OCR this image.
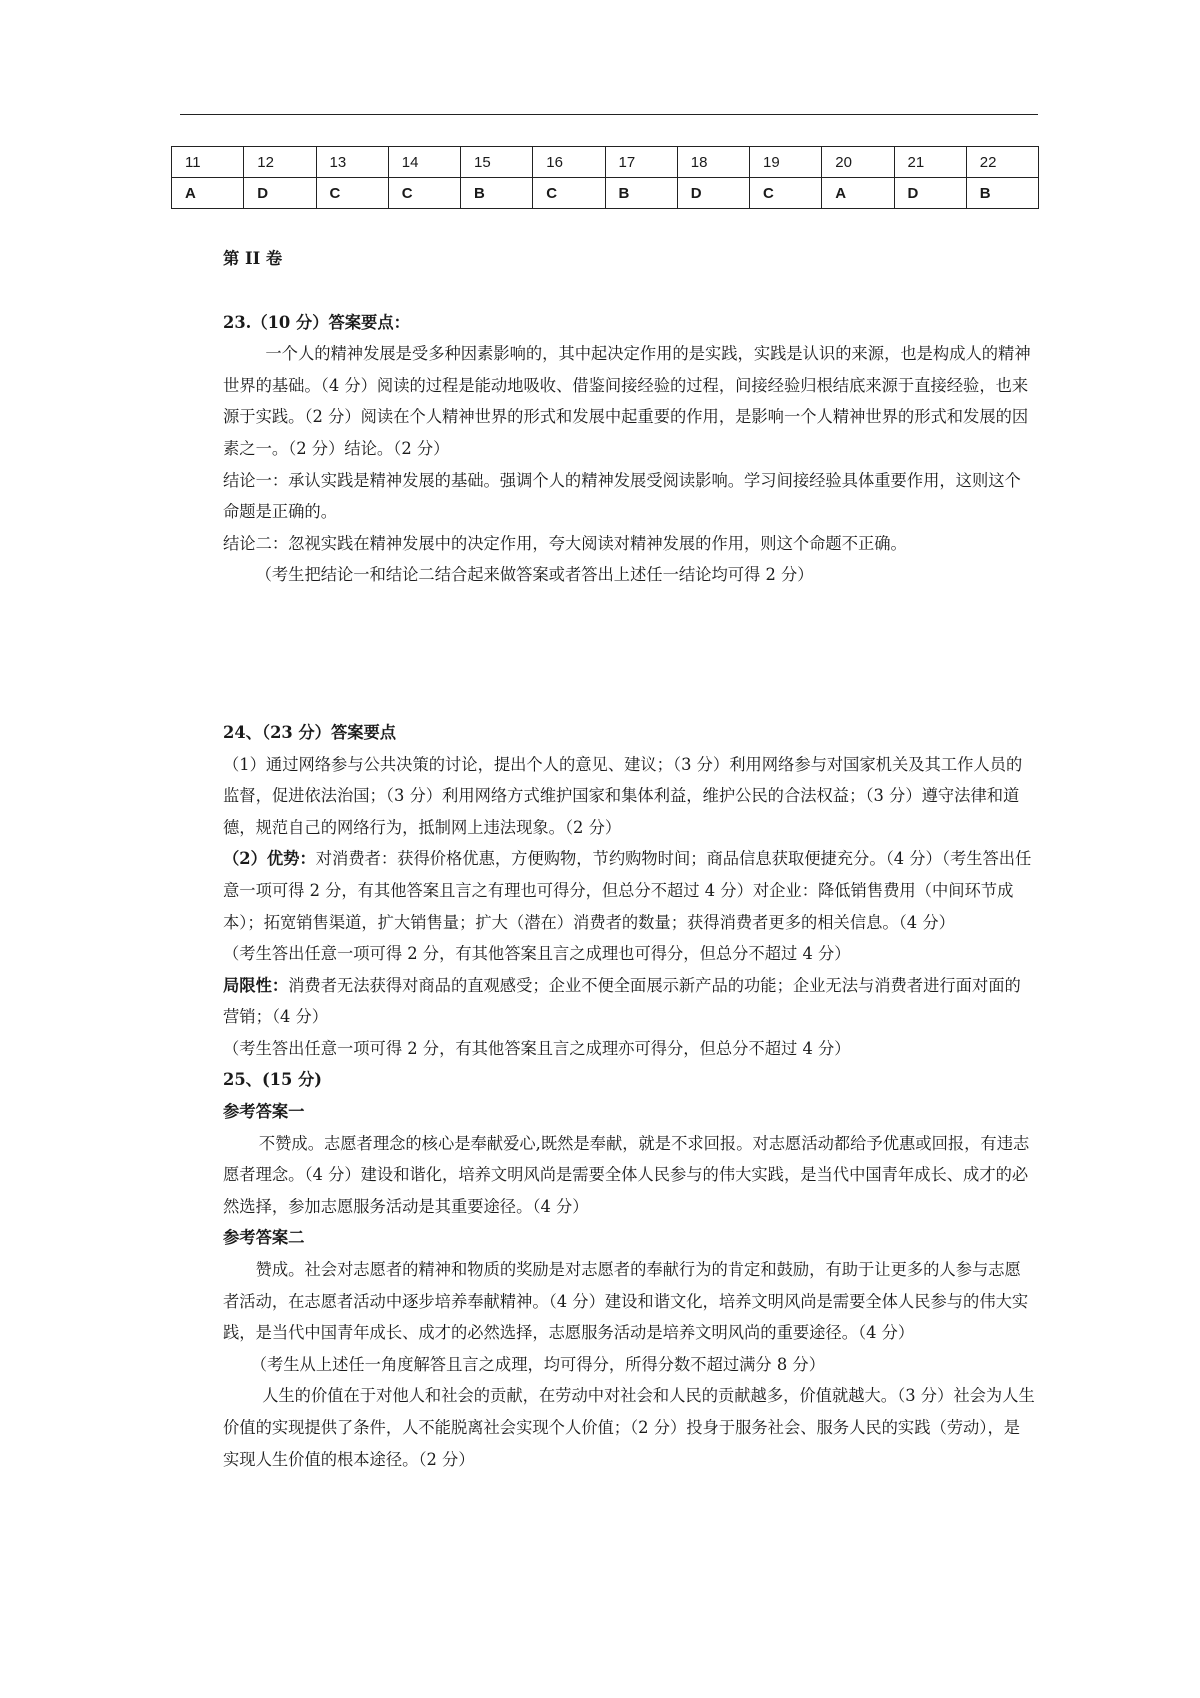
11	12	13	14	15	16	17	18	19	20	21	22
A	D	C	C	B	C	B	D	C	A	D	B

第 II 卷

23.（10 分）答案要点：

一个人的精神发展是受多种因素影响的，其中起决定作用的是实践，实践是认识的来源，也是构成人的精神世界的基础。（4 分）阅读的过程是能动地吸收、借鉴间接经验的过程，间接经验归根结底来源于直接经验，也来源于实践。（2 分）阅读在个人精神世界的形式和发展中起重要的作用，是影响一个人精神世界的形式和发展的因素之一。（2 分）结论。（2 分）

结论一：承认实践是精神发展的基础。强调个人的精神发展受阅读影响。学习间接经验具体重要作用，这则这个命题是正确的。

结论二：忽视实践在精神发展中的决定作用，夸大阅读对精神发展的作用，则这个命题不正确。

（考生把结论一和结论二结合起来做答案或者答出上述任一结论均可得 2 分）

24、（23 分）答案要点

（1）通过网络参与公共决策的讨论，提出个人的意见、建议；（3 分）利用网络参与对国家机关及其工作人员的监督，促进依法治国；（3 分）利用网络方式维护国家和集体利益，维护公民的合法权益；（3 分）遵守法律和道德，规范自己的网络行为，抵制网上违法现象。（2 分）

（2）优势：对消费者：获得价格优惠，方便购物，节约购物时间；商品信息获取便捷充分。（4 分）（考生答出任意一项可得 2 分，有其他答案且言之有理也可得分，但总分不超过 4 分）对企业：降低销售费用（中间环节成本）；拓宽销售渠道，扩大销售量；扩大（潜在）消费者的数量；获得消费者更多的相关信息。（4 分）

（考生答出任意一项可得 2 分，有其他答案且言之成理也可得分，但总分不超过 4 分）

局限性：消费者无法获得对商品的直观感受；企业不便全面展示新产品的功能；企业无法与消费者进行面对面的营销；（4 分）

（考生答出任意一项可得 2 分，有其他答案且言之成理亦可得分，但总分不超过 4 分）

25、(15 分)

参考答案一

不赞成。志愿者理念的核心是奉献爱心,既然是奉献，就是不求回报。对志愿活动都给予优惠或回报，有违志愿者理念。（4 分）建设和谐化，培养文明风尚是需要全体人民参与的伟大实践，是当代中国青年成长、成才的必然选择，参加志愿服务活动是其重要途径。（4 分）

参考答案二

赞成。社会对志愿者的精神和物质的奖励是对志愿者的奉献行为的肯定和鼓励，有助于让更多的人参与志愿者活动，在志愿者活动中逐步培养奉献精神。（4 分）建设和谐文化，培养文明风尚是需要全体人民参与的伟大实践，是当代中国青年成长、成才的必然选择，志愿服务活动是培养文明风尚的重要途径。（4 分）

（考生从上述任一角度解答且言之成理，均可得分，所得分数不超过满分 8 分）

人生的价值在于对他人和社会的贡献，在劳动中对社会和人民的贡献越多，价值就越大。（3 分）社会为人生价值的实现提供了条件，人不能脱离社会实现个人价值；（2 分）投身于服务社会、服务人民的实践（劳动），是实现人生价值的根本途径。（2 分）
